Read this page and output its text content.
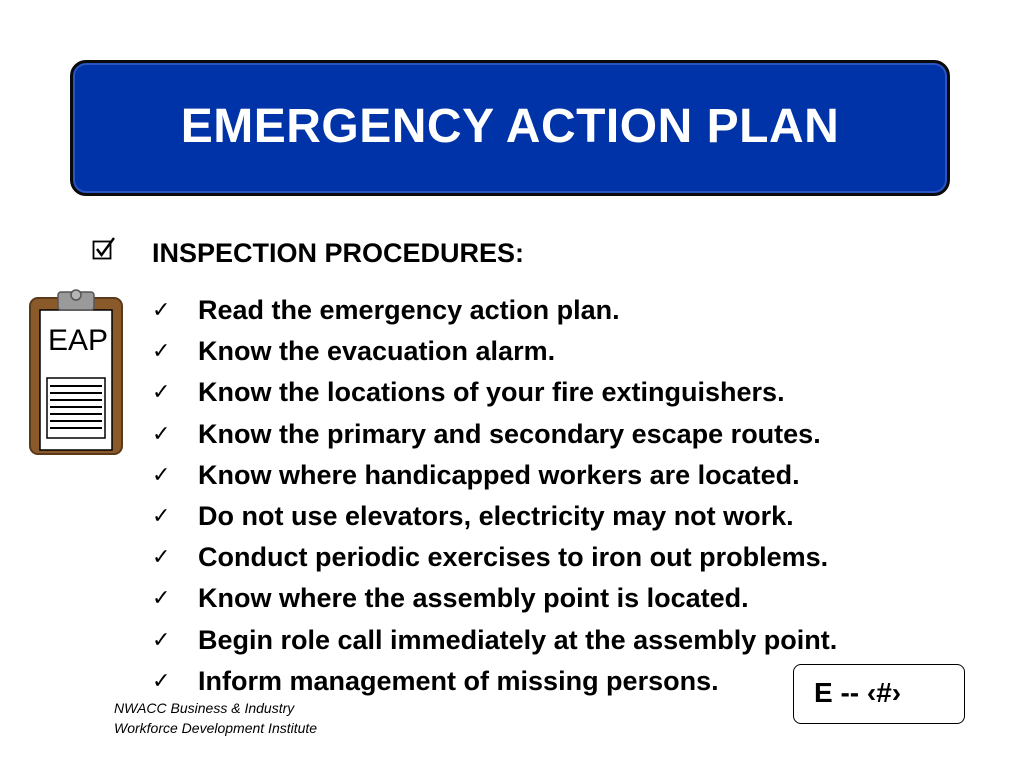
EMERGENCY ACTION PLAN
INSPECTION PROCEDURES:
EAP
✓	Read the emergency action plan.
✓	Know the evacuation alarm.
✓	Know the locations of your fire extinguishers.
✓	Know the primary and secondary escape routes.
✓	Know where handicapped workers are located.
✓	Do not use elevators, electricity may not work.
✓	Conduct periodic exercises to iron out problems.
✓	Know where the assembly point is located.
✓	Begin role call immediately at the assembly point.
✓	Inform management of missing persons.	E -- ‹#›
NWACC Business & Industry
Workforce Development Institute
